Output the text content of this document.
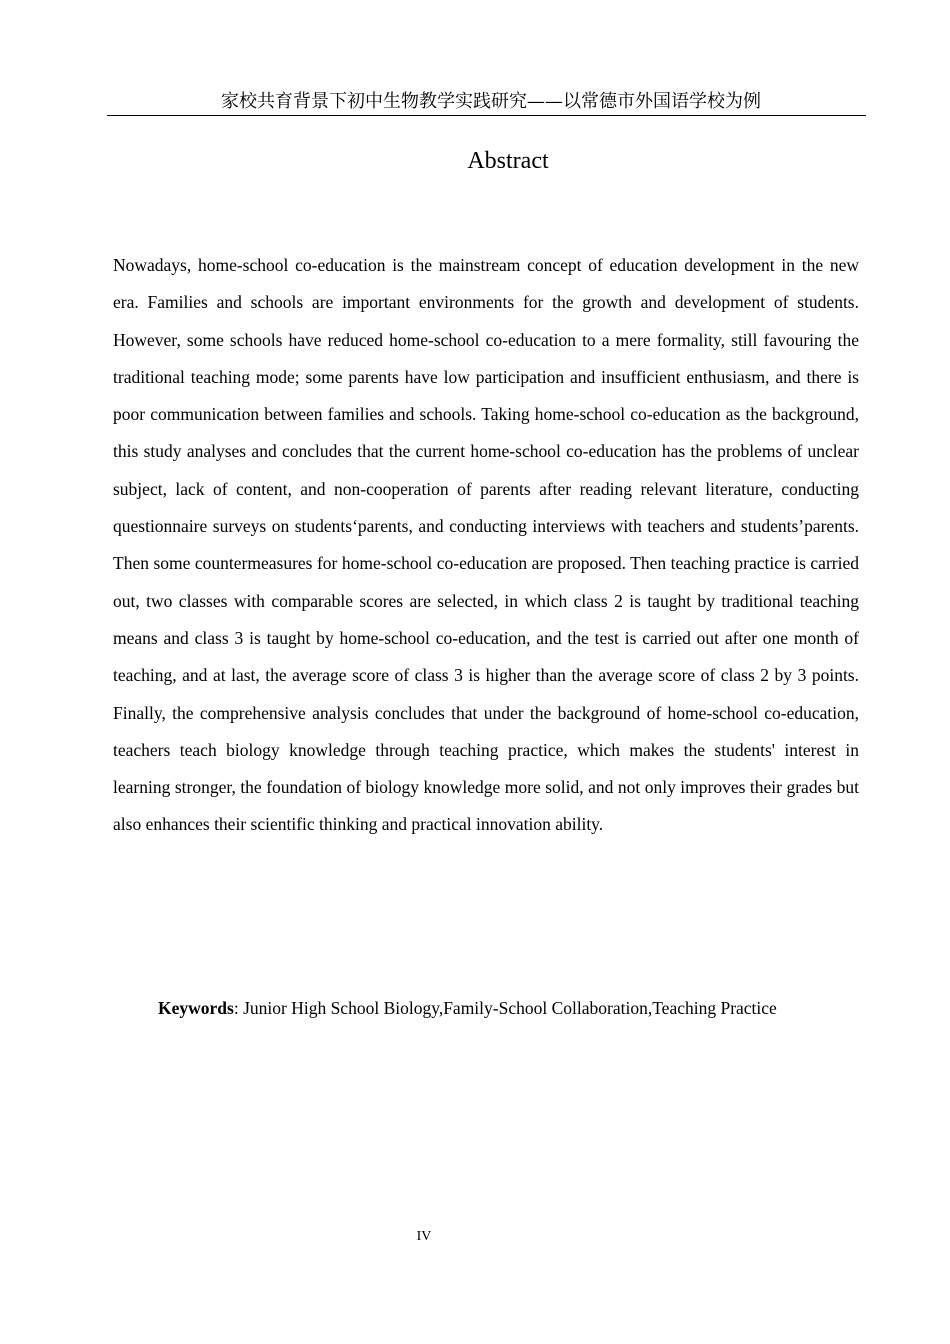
家校共育背景下初中生物教学实践研究——以常德市外国语学校为例
Abstract

Nowadays, home-school co-education is the mainstream concept of education development in the new era. Families and schools are important environments for the growth and development of students. However, some schools have reduced home-school co-education to a mere formality, still favouring the traditional teaching mode; some parents have low participation and insufficient enthusiasm, and there is poor communication between families and schools. Taking home-school co-education as the background, this study analyses and concludes that the current home-school co-education has the problems of unclear subject, lack of content, and non-cooperation of parents after reading relevant literature, conducting questionnaire surveys on students‘parents, and conducting interviews with teachers and students’parents. Then some countermeasures for home-school co-education are proposed. Then teaching practice is carried out, two classes with comparable scores are selected, in which class 2 is taught by traditional teaching means and class 3 is taught by home-school co-education, and the test is carried out after one month of teaching, and at last, the average score of class 3 is higher than the average score of class 2 by 3 points. Finally, the comprehensive analysis concludes that under the background of home-school co-education, teachers teach biology knowledge through teaching practice, which makes the students' interest in learning stronger, the foundation of biology knowledge more solid, and not only improves their grades but also enhances their scientific thinking and practical innovation ability.

Keywords: Junior High School Biology,Family-School Collaboration,Teaching Practice
IV
